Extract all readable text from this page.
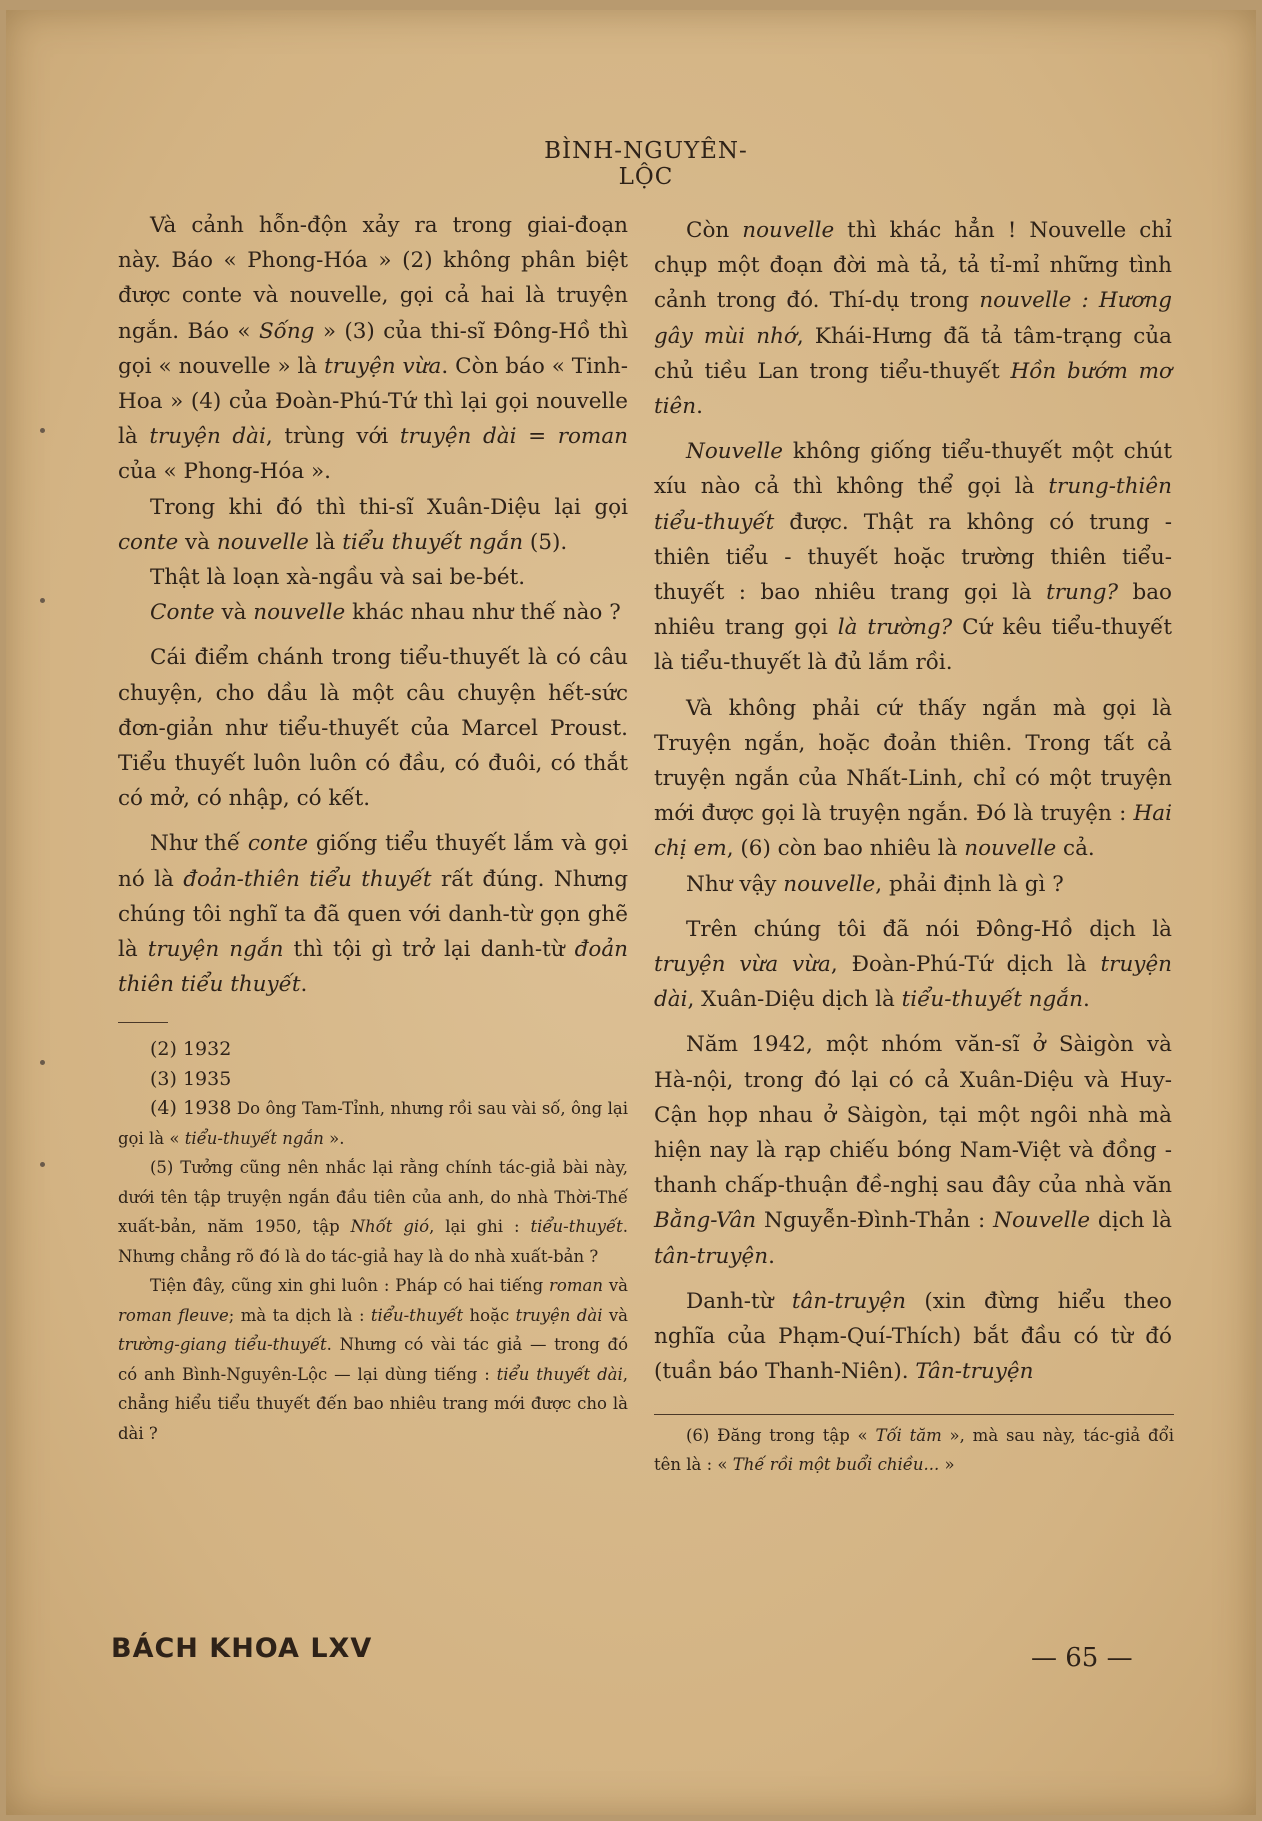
BÌNH-NGUYÊN-LỘC

Và cảnh hỗn-độn xảy ra trong giai-đoạn này. Báo « Phong-Hóa » (2) không phân biệt được conte và nouvelle, gọi cả hai là truyện ngắn. Báo « Sống » (3) của thi-sĩ Đông-Hồ thì gọi « nouvelle » là truyện vừa. Còn báo « Tinh-Hoa » (4) của Đoàn-Phú-Tứ thì lại gọi nouvelle là truyện dài, trùng với truyện dài = roman của « Phong-Hóa ».

Trong khi đó thì thi-sĩ Xuân-Diệu lại gọi conte và nouvelle là tiểu thuyết ngắn (5).

Thật là loạn xà-ngầu và sai be-bét.

Conte và nouvelle khác nhau như thế nào ?

Cái điểm chánh trong tiểu-thuyết là có câu chuyện, cho dầu là một câu chuyện hết-sức đơn-giản như tiểu-thuyết của Marcel Proust. Tiểu thuyết luôn luôn có đầu, có đuôi, có thắt có mở, có nhập, có kết.

Như thế conte giống tiểu thuyết lắm và gọi nó là đoản-thiên tiểu thuyết rất đúng. Nhưng chúng tôi nghĩ ta đã quen với danh-từ gọn ghẽ là truyện ngắn thì tội gì trở lại danh-từ đoản thiên tiểu thuyết.

(2) 1932

(3) 1935

(4) 1938 Do ông Tam-Tỉnh, nhưng rồi sau vài số, ông lại gọi là « tiểu-thuyết ngắn ».

(5) Tưởng cũng nên nhắc lại rằng chính tác-giả bài này, dưới tên tập truyện ngắn đầu tiên của anh, do nhà Thời-Thế xuất-bản, năm 1950, tập Nhốt gió, lại ghi : tiểu-thuyết. Nhưng chẳng rõ đó là do tác-giả hay là do nhà xuất-bản ?

Tiện đây, cũng xin ghi luôn : Pháp có hai tiếng roman và roman fleuve; mà ta dịch là : tiểu-thuyết hoặc truyện dài và trường-giang tiểu-thuyết. Nhưng có vài tác giả — trong đó có anh Bình-Nguyên-Lộc — lại dùng tiếng : tiểu thuyết dài, chẳng hiểu tiểu thuyết đến bao nhiêu trang mới được cho là dài ?

Còn nouvelle thì khác hẳn ! Nouvelle chỉ chụp một đoạn đời mà tả, tả tỉ-mỉ những tình cảnh trong đó. Thí-dụ trong nouvelle : Hương gây mùi nhớ, Khái-Hưng đã tả tâm-trạng của chủ tiều Lan trong tiểu-thuyết Hồn bướm mơ tiên.

Nouvelle không giống tiểu-thuyết một chút xíu nào cả thì không thể gọi là trung-thiên tiểu-thuyết được. Thật ra không có trung - thiên tiểu - thuyết hoặc trường thiên tiểu-thuyết : bao nhiêu trang gọi là trung? bao nhiêu trang gọi là trường? Cứ kêu tiểu-thuyết là tiểu-thuyết là đủ lắm rồi.

Và không phải cứ thấy ngắn mà gọi là Truyện ngắn, hoặc đoản thiên. Trong tất cả truyện ngắn của Nhất-Linh, chỉ có một truyện mới được gọi là truyện ngắn. Đó là truyện : Hai chị em, (6) còn bao nhiêu là nouvelle cả.

Như vậy nouvelle, phải định là gì ?

Trên chúng tôi đã nói Đông-Hồ dịch là truyện vừa vừa, Đoàn-Phú-Tứ dịch là truyện dài, Xuân-Diệu dịch là tiểu-thuyết ngắn.

Năm 1942, một nhóm văn-sĩ ở Sàigòn và Hà-nội, trong đó lại có cả Xuân-Diệu và Huy-Cận họp nhau ở Sàigòn, tại một ngôi nhà mà hiện nay là rạp chiếu bóng Nam-Việt và đồng - thanh chấp-thuận đề-nghị sau đây của nhà văn Bằng-Vân Nguyễn-Đình-Thản : Nouvelle dịch là tân-truyện.

Danh-từ tân-truyện (xin đừng hiểu theo nghĩa của Phạm-Quí-Thích) bắt đầu có từ đó (tuần báo Thanh-Niên). Tân-truyện

(6) Đăng trong tập « Tối tăm », mà sau này, tác-giả đổi tên là : « Thế rồi một buổi chiều... »

BÁCH KHOA LXV	— 65 —
